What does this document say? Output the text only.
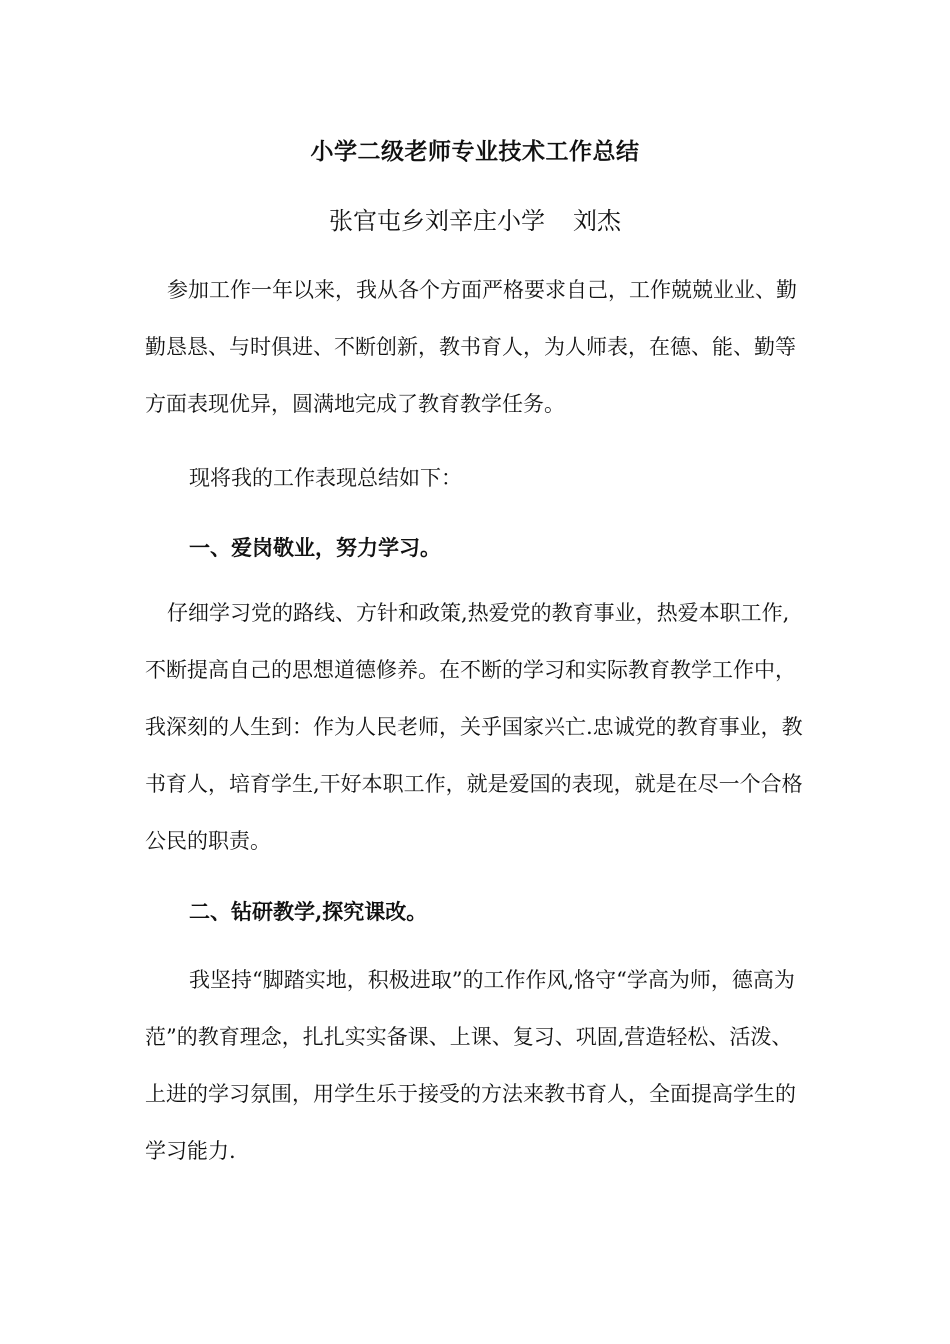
小学二级老师专业技术工作总结
张官屯乡刘辛庄小学 刘杰
参加工作一年以来，我从各个方面严格要求自己，工作兢兢业业、勤勤恳恳、与时俱进、不断创新，教书育人，为人师表，在德、能、勤等方面表现优异，圆满地完成了教育教学任务。
现将我的工作表现总结如下：
一、爱岗敬业，努力学习。
仔细学习党的路线、方针和政策,热爱党的教育事业，热爱本职工作,不断提高自己的思想道德修养。在不断的学习和实际教育教学工作中，我深刻的人生到：作为人民老师，关乎国家兴亡.忠诚党的教育事业，教书育人，培育学生,干好本职工作，就是爱国的表现，就是在尽一个合格公民的职责。
二、钻研教学,探究课改。
我坚持“脚踏实地，积极进取”的工作作风,恪守“学高为师，德高为范”的教育理念，扎扎实实备课、上课、复习、巩固,营造轻松、活泼、上进的学习氛围，用学生乐于接受的方法来教书育人，全面提高学生的学习能力.
